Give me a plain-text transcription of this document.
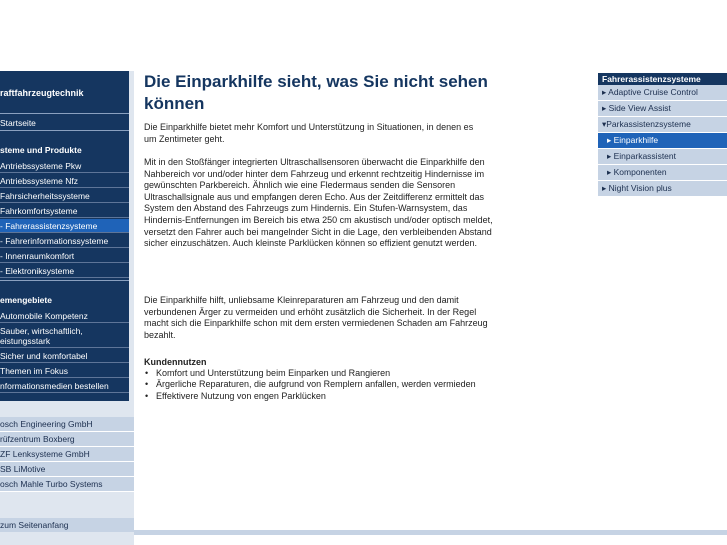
raftfahrzeugtechnik
Startseite
steme und Produkte
Antriebssysteme Pkw
Antriebssysteme Nfz
Fahrsicherheitssysteme
Fahrkomfortsysteme
- Fahrerassistenzsysteme
- Fahrerinformationssysteme
- Innenraumkomfort
- Elektroniksysteme
emengebiete
Automobile Kompetenz
Sauber, wirtschaftlich, eistungsstark
Sicher und komfortabel
Themen im Fokus
nformationsmedien bestellen
osch Engineering GmbH
rüfzentrum Boxberg
ZF Lenksysteme GmbH
SB LiMotive
osch Mahle Turbo Systems
zum Seitenanfang
Die Einparkhilfe sieht, was Sie nicht sehen können

Die Einparkhilfe bietet mehr Komfort und Unterstützung in Situationen, in denen es um Zentimeter geht.

Mit in den Stoßfänger integrierten Ultraschallsensoren überwacht die Einparkhilfe den Nahbereich vor und/oder hinter dem Fahrzeug und erkennt rechtzeitig Hindernisse im gewünschten Parkbereich. Ähnlich wie eine Fledermaus senden die Sensoren Ultraschallsignale aus und empfangen deren Echo. Aus der Zeitdifferenz ermittelt das System den Abstand des Fahrzeugs zum Hindernis. Ein Stufen-Warnsystem, das Hindernis-Entfernungen im Bereich bis etwa 250 cm akustisch und/oder optisch meldet, versetzt den Fahrer auch bei mangelnder Sicht in die Lage, den verbleibenden Abstand sicher einzuschätzen. Auch kleinste Parklücken können so effizient genutzt werden.

Die Einparkhilfe hilft, unliebsame Kleinreparaturen am Fahrzeug und den damit verbundenen Ärger zu vermeiden und erhöht zusätzlich die Sicherheit. In der Regel macht sich die Einparkhilfe schon mit dem ersten vermiedenen Schaden am Fahrzeug bezahlt.

Kundennutzen
• Komfort und Unterstützung beim Einparken und Rangieren
• Ärgerliche Reparaturen, die aufgrund von Remplern anfallen, werden vermieden
• Effektivere Nutzung von engen Parklücken
Fahrerassistenzsysteme
▸ Adaptive Cruise Control
▸ Side View Assist
▾Parkassistenzsysteme
▸ Einparkhilfe
▸ Einparkassistent
▸ Komponenten
▸ Night Vision plus
